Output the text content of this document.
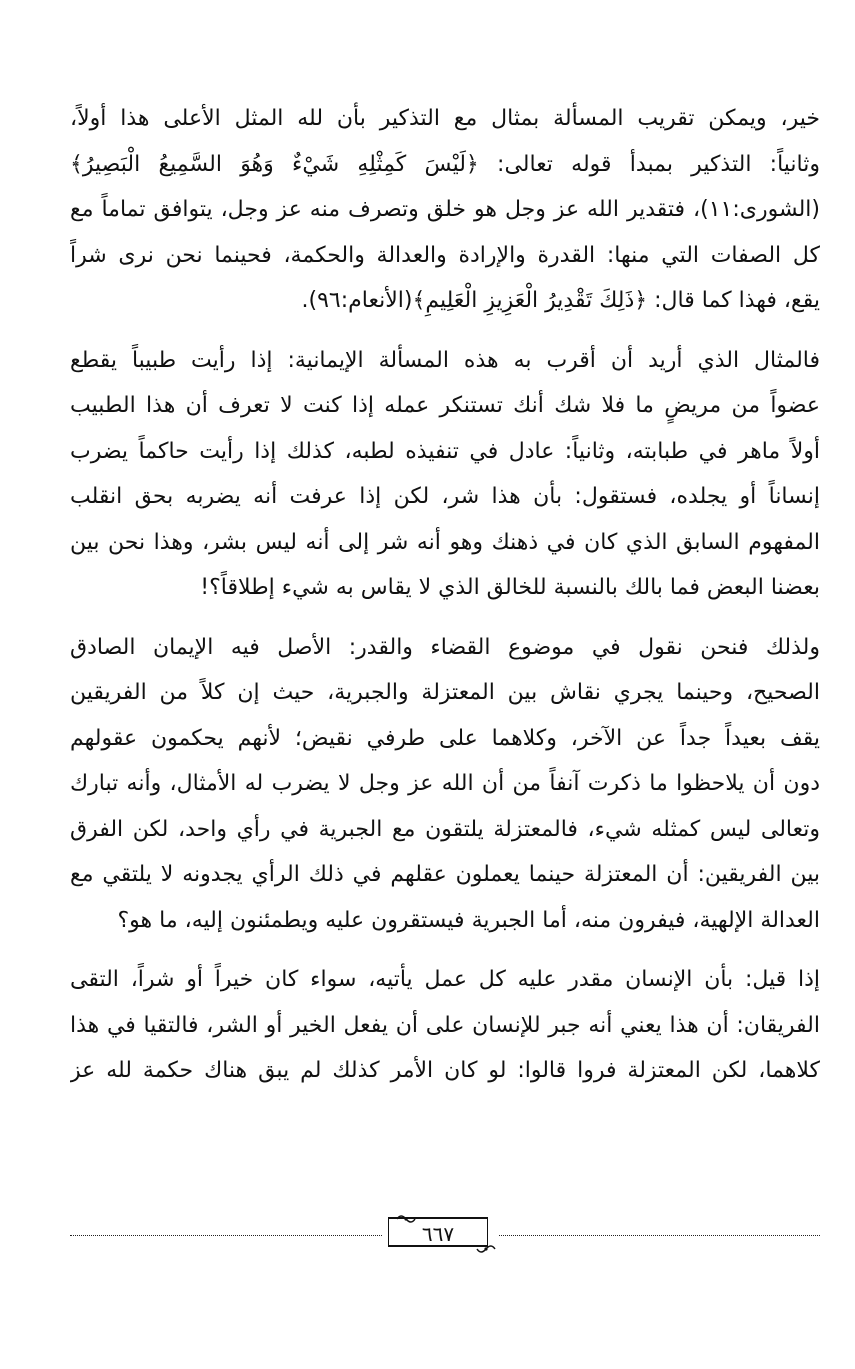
خير، ويمكن تقريب المسألة بمثال مع التذكير بأن لله المثل الأعلى هذا أولاً،
وثانياً: التذكير بمبدأ قوله تعالى: ﴿لَيْسَ كَمِثْلِهِ شَيْءٌ وَهُوَ السَّمِيعُ الْبَصِيرُ﴾
(الشورى:١١)، فتقدير الله عز وجل هو خلق وتصرف منه عز وجل، يتوافق تماماً مع
كل الصفات التي منها: القدرة والإرادة والعدالة والحكمة، فحينما نحن نرى شراً
يقع، فهذا كما قال: ﴿ذَلِكَ تَقْدِيرُ الْعَزِيزِ الْعَلِيمِ﴾(الأنعام:٩٦).
فالمثال الذي أريد أن أقرب به هذه المسألة الإيمانية: إذا رأيت طبيباً يقطع
عضواً من مريضٍ ما فلا شك أنك تستنكر عمله إذا كنت لا تعرف أن هذا الطبيب
أولاً ماهر في طبابته، وثانياً: عادل في تنفيذه لطبه، كذلك إذا رأيت حاكماً يضرب
إنساناً أو يجلده، فستقول: بأن هذا شر، لكن إذا عرفت أنه يضربه بحق انقلب
المفهوم السابق الذي كان في ذهنك وهو أنه شر إلى أنه ليس بشر، وهذا نحن بين
بعضنا البعض فما بالك بالنسبة للخالق الذي لا يقاس به شيء إطلاقاً؟!
ولذلك فنحن نقول في موضوع القضاء والقدر: الأصل فيه الإيمان الصادق
الصحيح، وحينما يجري نقاش بين المعتزلة والجبرية، حيث إن كلاً من الفريقين
يقف بعيداً جداً عن الآخر، وكلاهما على طرفي نقيض؛ لأنهم يحكمون عقولهم
دون أن يلاحظوا ما ذكرت آنفاً من أن الله عز وجل لا يضرب له الأمثال، وأنه تبارك
وتعالى ليس كمثله شيء، فالمعتزلة يلتقون مع الجبرية في رأي واحد، لكن الفرق
بين الفريقين: أن المعتزلة حينما يعملون عقلهم في ذلك الرأي يجدونه لا يلتقي مع
العدالة الإلهية، فيفرون منه، أما الجبرية فيستقرون عليه ويطمئنون إليه، ما هو؟
إذا قيل: بأن الإنسان مقدر عليه كل عمل يأتيه، سواء كان خيراً أو شراً، التقى
الفريقان: أن هذا يعني أنه جبر للإنسان على أن يفعل الخير أو الشر، فالتقيا في هذا
كلاهما، لكن المعتزلة فروا قالوا: لو كان الأمر كذلك لم يبق هناك حكمة لله عز
٦٦٧
